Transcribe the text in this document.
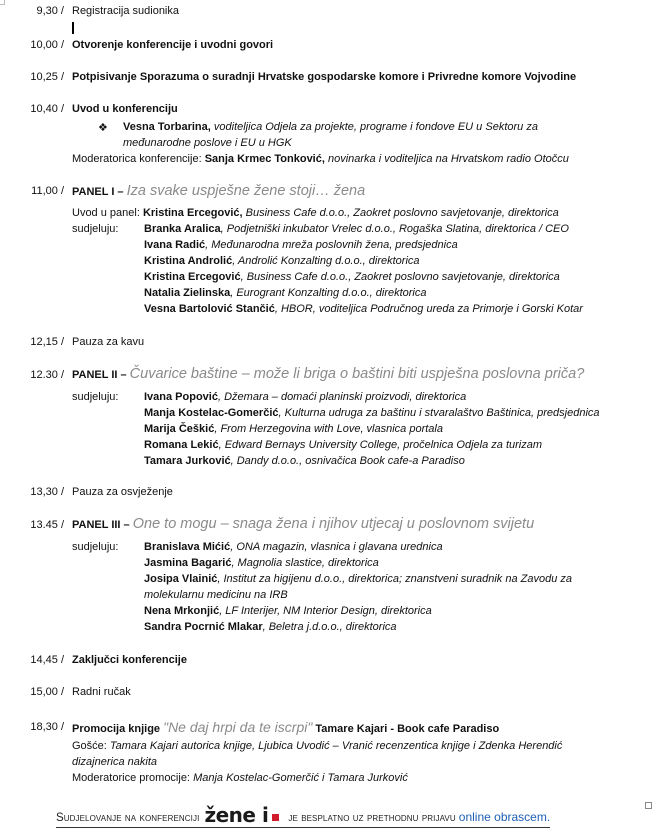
9,30 / Registracija sudionika
10,00 / Otvorenje konferencije i uvodni govori
10,25 / Potpisivanje Sporazuma o suradnji Hrvatske gospodarske komore i Privredne komore Vojvodine
10,40 / Uvod u konferenciju
❖ Vesna Torbarina, voditeljica Odjela za projekte, programe i fondove EU u Sektoru za
međunarodne poslove i EU u HGK
Moderatorica konferencije: Sanja Krmec Tonković, novinarka i voditeljica na Hrvatskom radio Otočcu
11,00 / PANEL I – Iza svake uspješne žene stoji… žena
Uvod u panel: Kristina Ercegović, Business Cafe d.o.o., Zaokret poslovno savjetovanje, direktorica
sudjeluju: Branka Aralica, Podjetniški inkubator Vrelec d.o.o., Rogaška Slatina, direktorica / CEO
Ivana Radić, Međunarodna mreža poslovnih žena, predsjednica
Kristina Androlić, Androlić Konzalting d.o.o., direktorica
Kristina Ercegović, Business Cafe d.o.o., Zaokret poslovno savjetovanje, direktorica
Natalia Zielinska, Eurogrant Konzalting d.o.o., direktorica
Vesna Bartolović Stančić, HBOR, voditeljica Područnog ureda za Primorje i Gorski Kotar
12,15 / Pauza za kavu
12.30 / PANEL II – Čuvarice baštine – može li briga o baštini biti uspješna poslovna priča?
sudjeluju: Ivana Popović, Džemara – domaći planinski proizvodi, direktorica
Manja Kostelac-Gomerčić, Kulturna udruga za baštinu i stvaralaštvo Baštinica, predsjednica
Marija Češkić, From Herzegovina with Love, vlasnica portala
Romana Lekić, Edward Bernays University College, pročelnica Odjela za turizam
Tamara Jurković, Dandy d.o.o., osnivačica Book cafe-a Paradiso
13,30 / Pauza za osvježenje
13.45 / PANEL III – One to mogu – snaga žena i njihov utjecaj u poslovnom svijetu
sudjeluju: Branislava Mićić, ONA magazin, vlasnica i glavana urednica
Jasmina Bagarić, Magnolia slastice, direktorica
Josipa Vlainić, Institut za higijenu d.o.o., direktorica; znanstveni suradnik na Zavodu za
molekularnu medicinu na IRB
Nena Mrkonjić, LF Interijer, NM Interior Design, direktorica
Sandra Pocrnić Mlakar, Beletra j.d.o.o., direktorica
14,45 / Zaključci konferencije
15,00 / Radni ručak
18,30 / Promocija knjige "Ne daj hrpi da te iscrpi" Tamare Kajari - Book cafe Paradiso
Gošće: Tamara Kajari autorica knjige, Ljubica Uvodić – Vranić recenzentica knjige i Zdenka Herendić
dizajnerica nakita
Moderatorice promocije: Manja Kostelac-Gomerčić i Tamara Jurković
Sudjelovanje na konferenciji žene i je besplatno uz prethodnu prijavu online obrascem.
